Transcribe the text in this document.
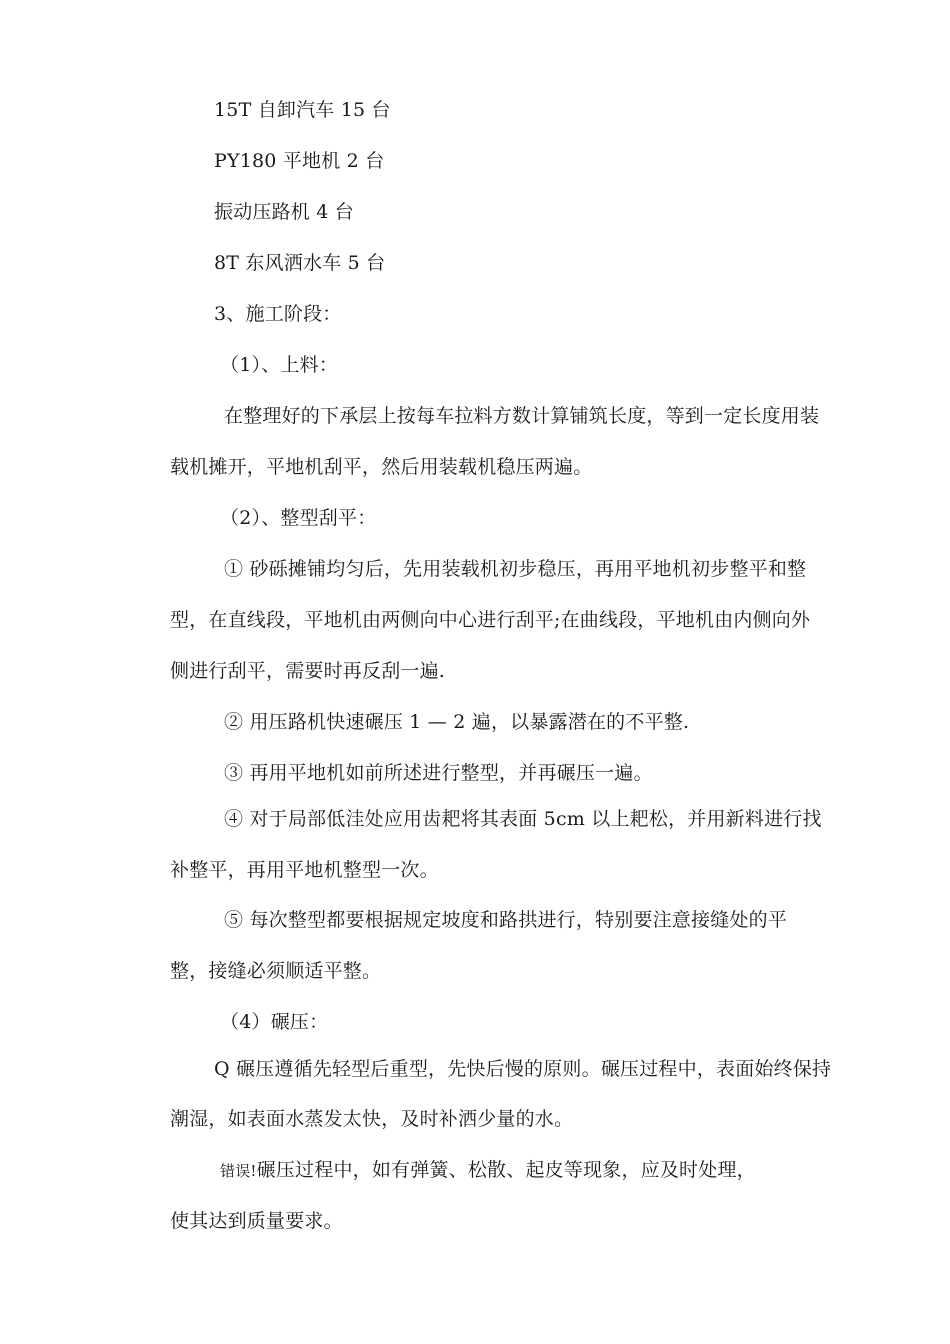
15T 自卸汽车 15 台
PY180 平地机 2 台
振动压路机 4 台
8T 东风洒水车 5 台
3、施工阶段：
（1）、上料：
在整理好的下承层上按每车拉料方数计算铺筑长度，等到一定长度用装
载机摊开，平地机刮平，然后用装载机稳压两遍。
（2）、整型刮平：
① 砂砾摊铺均匀后，先用装载机初步稳压，再用平地机初步整平和整
型，在直线段，平地机由两侧向中心进行刮平;在曲线段，平地机由内侧向外
侧进行刮平，需要时再反刮一遍.
② 用压路机快速碾压 1 — 2 遍，以暴露潜在的不平整.
③ 再用平地机如前所述进行整型，并再碾压一遍。
④ 对于局部低洼处应用齿耙将其表面 5cm 以上耙松，并用新料进行找
补整平，再用平地机整型一次。
⑤ 每次整型都要根据规定坡度和路拱进行，特别要注意接缝处的平
整，接缝必须顺适平整。
（4）碾压：
Q 碾压遵循先轻型后重型，先快后慢的原则。碾压过程中，表面始终保持
潮湿，如表面水蒸发太快，及时补洒少量的水。
错误!碾压过程中，如有弹簧、松散、起皮等现象，应及时处理，
使其达到质量要求。
